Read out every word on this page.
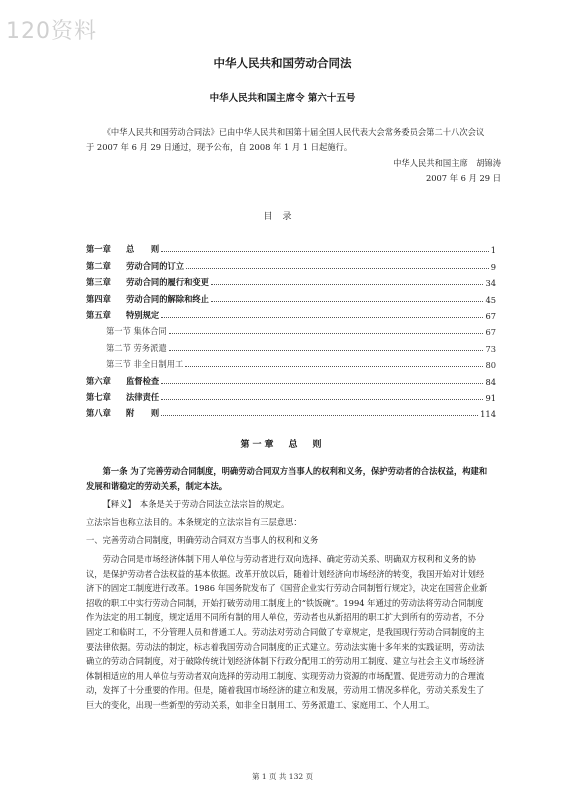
120资料
中华人民共和国劳动合同法
中华人民共和国主席令 第六十五号
《中华人民共和国劳动合同法》已由中华人民共和国第十届全国人民代表大会常务委员会第二十八次会议于 2007 年 6 月 29 日通过，现予公布，自 2008 年 1 月 1 日起施行。
中华人民共和国主席　胡锦涛
2007 年 6 月 29 日
目录
第一章	总　　则	1
第二章	劳动合同的订立	9
第三章	劳动合同的履行和变更	34
第四章	劳动合同的解除和终止	45
第五章	特别规定	67
第一节 集体合同	67
第二节 劳务派遣	73
第三节 非全日制用工	80
第六章	监督检查	84
第七章	法律责任	91
第八章	附　　则	114
第一章　总　则
第一条 为了完善劳动合同制度，明确劳动合同双方当事人的权利和义务，保护劳动者的合法权益，构建和发展和谐稳定的劳动关系，制定本法。
【释义】　本条是关于劳动合同法立法宗旨的规定。
立法宗旨也称立法目的。本条规定的立法宗旨有三层意思：
一、完善劳动合同制度，明确劳动合同双方当事人的权利和义务
劳动合同是市场经济体制下用人单位与劳动者进行双向选择、确定劳动关系、明确双方权利和义务的协议，是保护劳动者合法权益的基本依据。改革开放以后，随着计划经济向市场经济的转变，我国开始对计划经济下的固定工制度进行改革。1986 年国务院发布了《国营企业实行劳动合同制暂行规定》，决定在国营企业新招收的职工中实行劳动合同制，开始打破劳动用工制度上的“铁饭碗”。1994 年通过的劳动法将劳动合同制度作为法定的用工制度，规定适用不同所有制的用人单位，劳动者也从新招用的职工扩大到所有的劳动者，不分固定工和临时工，不分管理人员和普通工人。劳动法对劳动合同做了专章规定，是我国现行劳动合同制度的主要法律依据。劳动法的制定，标志着我国劳动合同制度的正式建立。劳动法实施十多年来的实践证明，劳动法确立的劳动合同制度，对于破除传统计划经济体制下行政分配用工的劳动用工制度、建立与社会主义市场经济体制相适应的用人单位与劳动者双向选择的劳动用工制度、实现劳动力资源的市场配置、促进劳动力的合理流动，发挥了十分重要的作用。但是，随着我国市场经济的建立和发展，劳动用工情况多样化，劳动关系发生了巨大的变化，出现一些新型的劳动关系，如非全日制用工、劳务派遣工、家庭用工、个人用工。
第 1 页 共 132 页
